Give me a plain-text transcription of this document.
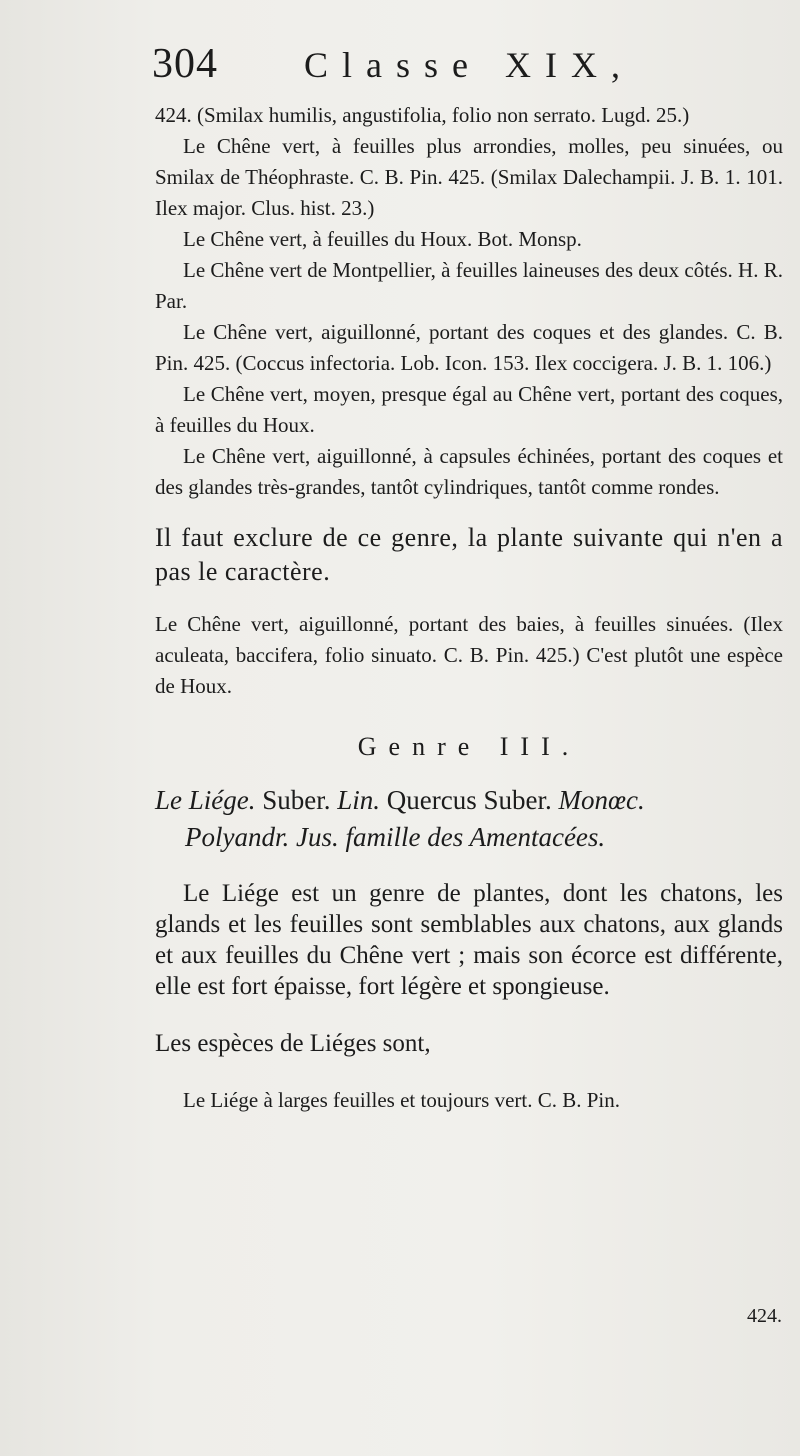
304 Classe XIX,

424. (Smilax humilis, angustifolia, folio non serrato. Lugd. 25.)

Le Chêne vert, à feuilles plus arrondies, molles, peu sinuées, ou Smilax de Théophraste. C. B. Pin. 425. (Smilax Dalechampii. J. B. 1. 101. Ilex major. Clus. hist. 23.)

Le Chêne vert, à feuilles du Houx. Bot. Monsp.

Le Chêne vert de Montpellier, à feuilles laineuses des deux côtés. H. R. Par.

Le Chêne vert, aiguillonné, portant des coques et des glandes. C. B. Pin. 425. (Coccus infectoria. Lob. Icon. 153. Ilex coccigera. J. B. 1. 106.)

Le Chêne vert, moyen, presque égal au Chêne vert, portant des coques, à feuilles du Houx.

Le Chêne vert, aiguillonné, à capsules échinées, portant des coques et des glandes très-grandes, tantôt cylindriques, tantôt comme rondes.

Il faut exclure de ce genre, la plante suivante qui n'en a pas le caractère.

Le Chêne vert, aiguillonné, portant des baies, à feuilles sinuées. (Ilex aculeata, baccifera, folio sinuato. C. B. Pin. 425.) C'est plutôt une espèce de Houx.

Genre III.
Le Liége. Suber. Lin. Quercus Suber. Monœc.
Polyandr. Jus. famille des Amentacées.

Le Liége est un genre de plantes, dont les chatons, les glands et les feuilles sont semblables aux chatons, aux glands et aux feuilles du Chêne vert ; mais son écorce est différente, elle est fort épaisse, fort légère et spongieuse.

Les espèces de Liéges sont,

Le Liége à larges feuilles et toujours vert. C. B. Pin.

424.
